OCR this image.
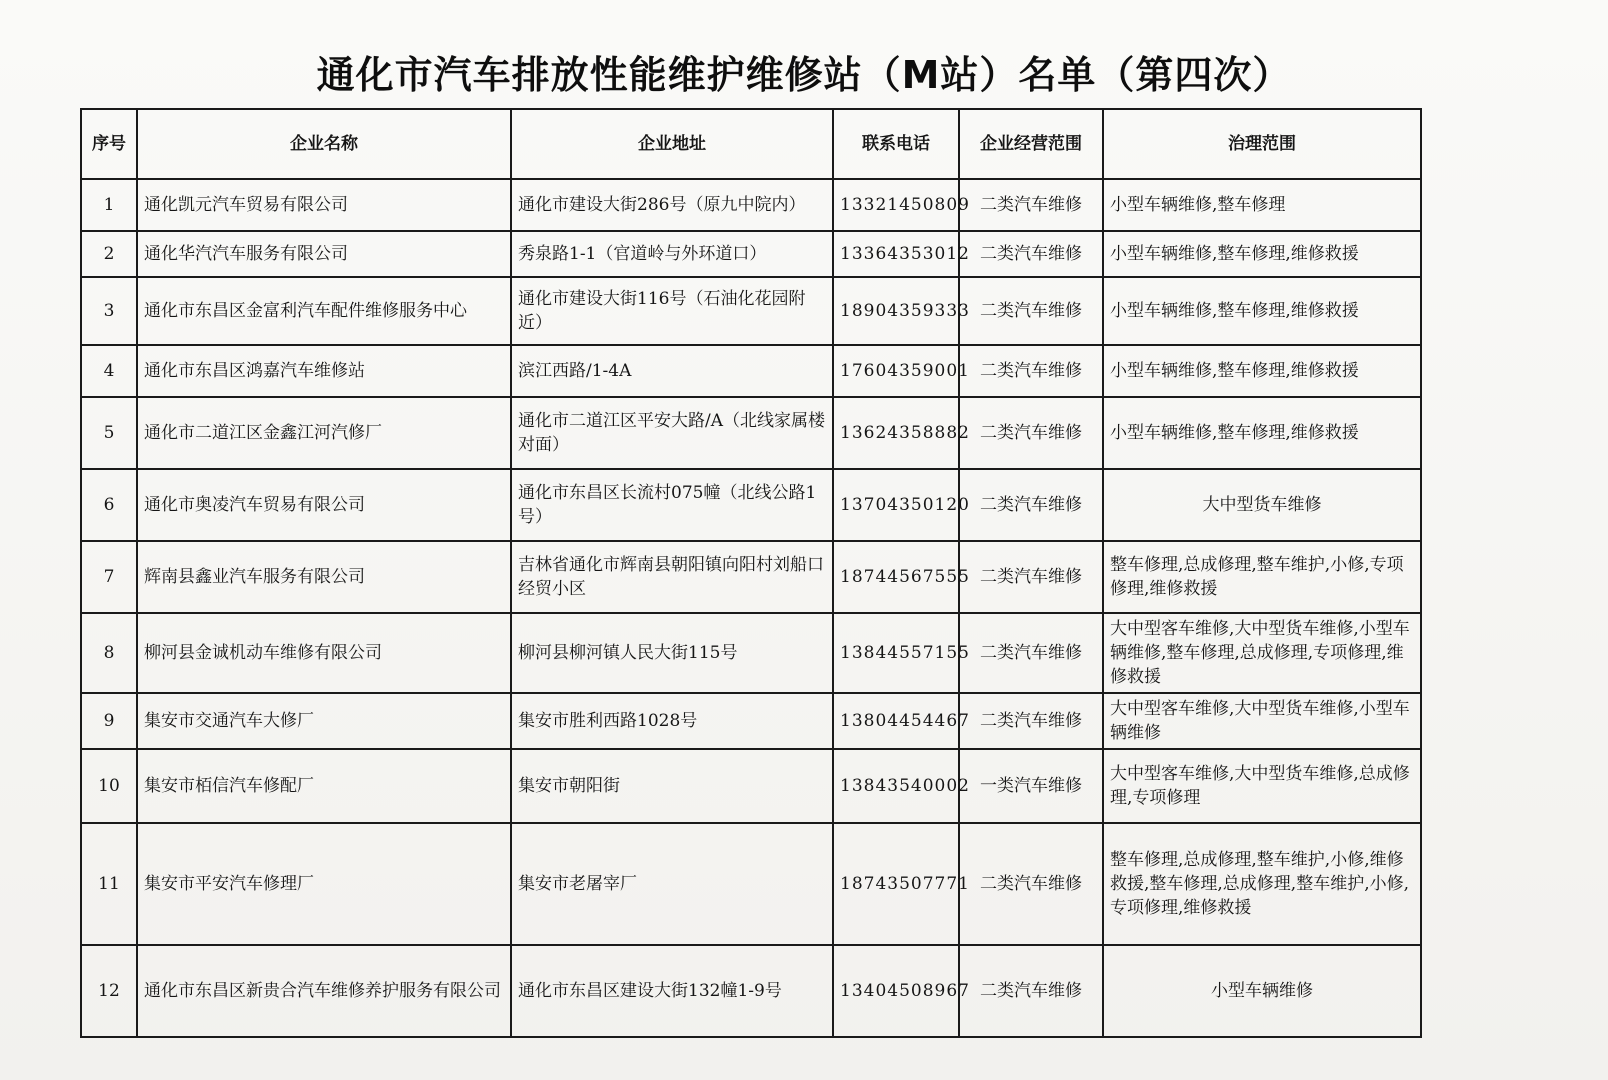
通化市汽车排放性能维护维修站（M站）名单（第四次）
序号	企业名称	企业地址	联系电话	企业经营范围	治理范围
1	通化凯元汽车贸易有限公司	通化市建设大街286号（原九中院内）	13321450809	二类汽车维修	小型车辆维修,整车修理
2	通化华汽汽车服务有限公司	秀泉路1-1（官道岭与外环道口）	13364353012	二类汽车维修	小型车辆维修,整车修理,维修救援
3	通化市东昌区金富利汽车配件维修服务中心	通化市建设大街116号（石油化花园附近）	18904359333	二类汽车维修	小型车辆维修,整车修理,维修救援
4	通化市东昌区鸿嘉汽车维修站	滨江西路/1-4A	17604359001	二类汽车维修	小型车辆维修,整车修理,维修救援
5	通化市二道江区金鑫江河汽修厂	通化市二道江区平安大路/A（北线家属楼对面）	13624358882	二类汽车维修	小型车辆维修,整车修理,维修救援
6	通化市奥凌汽车贸易有限公司	通化市东昌区长流村075幢（北线公路1号）	13704350120	二类汽车维修	大中型货车维修
7	辉南县鑫业汽车服务有限公司	吉林省通化市辉南县朝阳镇向阳村刘船口经贸小区	18744567555	二类汽车维修	整车修理,总成修理,整车维护,小修,专项修理,维修救援
8	柳河县金诚机动车维修有限公司	柳河县柳河镇人民大街115号	13844557155	二类汽车维修	大中型客车维修,大中型货车维修,小型车辆维修,整车修理,总成修理,专项修理,维修救援
9	集安市交通汽车大修厂	集安市胜利西路1028号	13804454467	二类汽车维修	大中型客车维修,大中型货车维修,小型车辆维修
10	集安市栢信汽车修配厂	集安市朝阳街	13843540002	一类汽车维修	大中型客车维修,大中型货车维修,总成修理,专项修理
11	集安市平安汽车修理厂	集安市老屠宰厂	18743507771	二类汽车维修	整车修理,总成修理,整车维护,小修,维修救援,整车修理,总成修理,整车维护,小修,专项修理,维修救援
12	通化市东昌区新贵合汽车维修养护服务有限公司	通化市东昌区建设大街132幢1-9号	13404508967	二类汽车维修	小型车辆维修
